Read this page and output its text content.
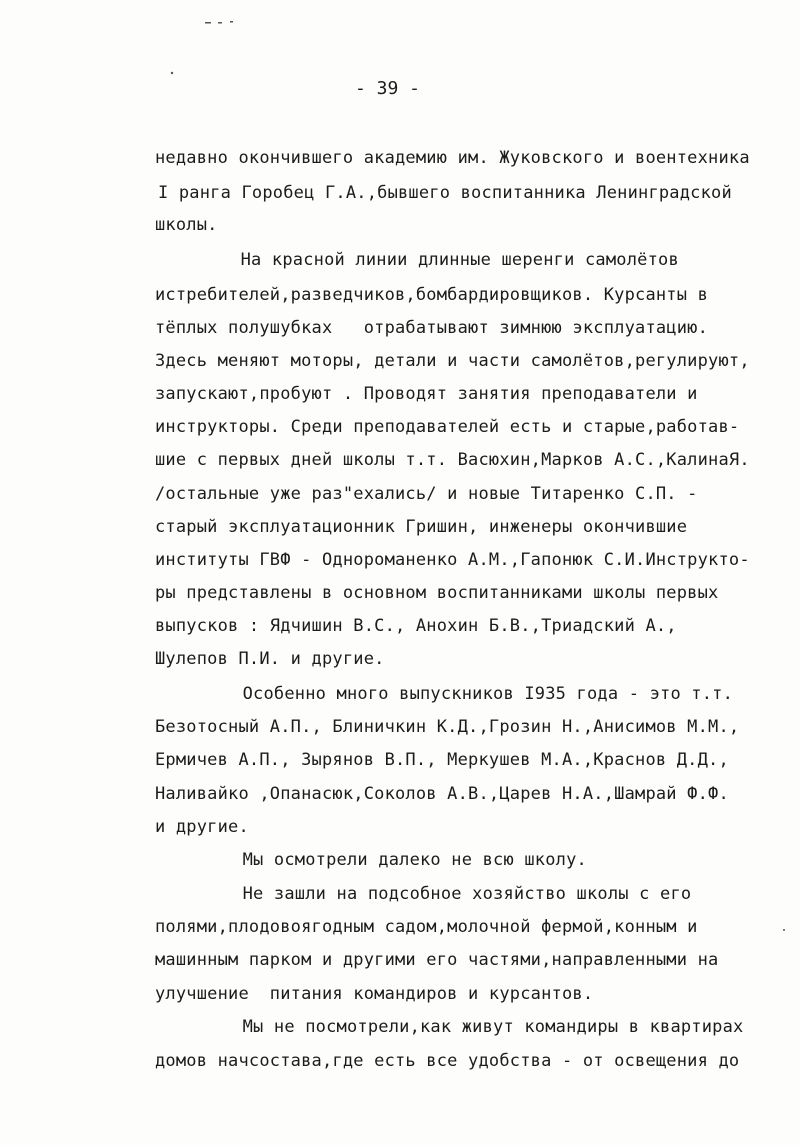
- 39 -
недавно окончившего академию им. Жуковского и воентехника
I ранга Горобец Г.А.,бывшего воспитанника Ленинградской
школы.
На красной линии длинные шеренги самолётов
истребителей,разведчиков,бомбардировщиков. Курсанты в
тёплых полушубках   отрабатывают зимнюю эксплуатацию.
Здесь меняют моторы, детали и части самолётов,регулируют,
запускают,пробуют . Проводят занятия преподаватели и
инструкторы. Среди преподавателей есть и старые,работав-
шие с первых дней школы т.т. Васюхин,Марков А.С.,КалинаЯ.
/остальные уже раз"ехались/ и новые Титаренко С.П. -
старый эксплуатационник Гришин, инженеры окончившие
институты ГВФ - Однороманенко А.М.,Гапонюк С.И.Инструкто-
ры представлены в основном воспитанниками школы первых
выпусков : Ядчишин В.С., Анохин Б.В.,Триадский А.,
Шулепов П.И. и другие.
Особенно много выпускников I935 года - это т.т.
Безотосный А.П., Блиничкин К.Д.,Грозин Н.,Анисимов М.М.,
Ермичев А.П., Зырянов В.П., Меркушев М.А.,Краснов Д.Д.,
Наливайко ,Опанасюк,Соколов А.В.,Царев Н.А.,Шамрай Ф.Ф.
и другие.
Мы осмотрели далеко не всю школу.
Не зашли на подсобное хозяйство школы с его
полями,плодовоягодным садом,молочной фермой,конным и
машинным парком и другими его частями,направленными на
улучшение  питания командиров и курсантов.
Мы не посмотрели,как живут командиры в квартирах
домов начсостава,где есть все удобства - от освещения до
